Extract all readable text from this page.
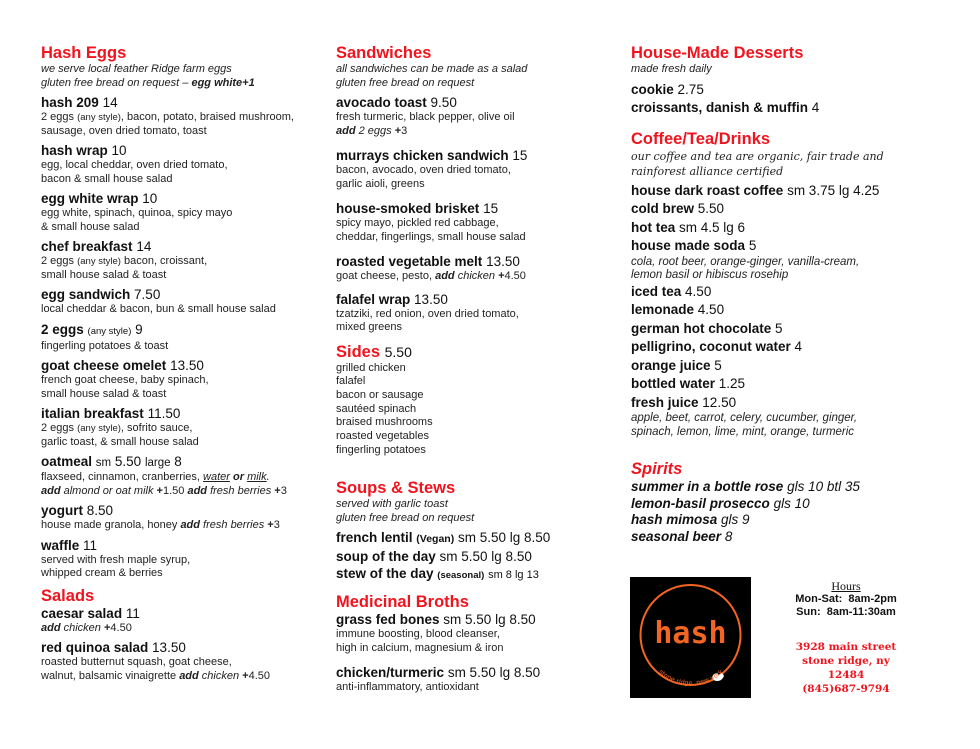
Hash Eggs
we serve local feather Ridge farm eggs
gluten free bread on request – egg white+1
hash 209 14
2 eggs (any style), bacon, potato, braised mushroom,
sausage, oven dried tomato, toast
hash wrap 10
egg, local cheddar, oven dried tomato,
bacon & small house salad
egg white wrap 10
egg white, spinach, quinoa, spicy mayo
& small house salad
chef breakfast 14
2 eggs (any style) bacon, croissant,
small house salad & toast
egg sandwich 7.50
local cheddar & bacon, bun & small house salad
2 eggs (any style) 9
fingerling potatoes & toast
goat cheese omelet 13.50
french goat cheese, baby spinach,
small house salad & toast
italian breakfast 11.50
2 eggs (any style), sofrito sauce,
garlic toast, & small house salad
oatmeal sm 5.50 large 8
flaxseed, cinnamon, cranberries, water or milk.
add almond or oat milk +1.50 add fresh berries +3
yogurt 8.50
house made granola, honey add fresh berries +3
waffle 11
served with fresh maple syrup,
whipped cream & berries
Salads
caesar salad 11
add chicken +4.50
red quinoa salad 13.50
roasted butternut squash, goat cheese,
walnut, balsamic vinaigrette add chicken +4.50
Sandwiches
all sandwiches can be made as a salad
gluten free bread on request
avocado toast 9.50
fresh turmeric, black pepper, olive oil
add 2 eggs +3
murrays chicken sandwich 15
bacon, avocado, oven dried tomato,
garlic aioli, greens
house-smoked brisket 15
spicy mayo, pickled red cabbage,
cheddar, fingerlings, small house salad
roasted vegetable melt 13.50
goat cheese, pesto, add chicken +4.50
falafel wrap 13.50
tzatziki, red onion, oven dried tomato,
mixed greens
Sides 5.50
grilled chicken
falafel
bacon or sausage
sautéed spinach
braised mushrooms
roasted vegetables
fingerling potatoes
Soups & Stews
served with garlic toast
gluten free bread on request
french lentil (Vegan) sm 5.50 lg 8.50
soup of the day sm 5.50 lg 8.50
stew of the day (seasonal) sm 8 lg 13
Medicinal Broths
grass fed bones sm 5.50 lg 8.50
immune boosting, blood cleanser,
high in calcium, magnesium & iron
chicken/turmeric sm 5.50 lg 8.50
anti-inflammatory, antioxidant
House-Made Desserts
made fresh daily
cookie 2.75
croissants, danish & muffin 4
Coffee/Tea/Drinks
our coffee and tea are organic, fair trade and
rainforest alliance certified
house dark roast coffee sm 3.75 lg 4.25
cold brew 5.50
hot tea sm 4.5 lg 6
house made soda 5
cola, root beer, orange-ginger, vanilla-cream,
lemon basil or hibiscus rosehip
iced tea 4.50
lemonade 4.50
german hot chocolate 5
pelligrino, coconut water 4
orange juice 5
bottled water 1.25
fresh juice 12.50
apple, beet, carrot, celery, cucumber, ginger,
spinach, lemon, lime, mint, orange, turmeric
Spirits
summer in a bottle rose gls 10 btl 35
lemon-basil prosecco gls 10
hash mimosa gls 9
seasonal beer 8
hash
stone ridge, new york
Hours
Mon-Sat:  8am-2pm
Sun:  8am-11:30am
3928 main street
stone ridge, ny
12484
(845)687-9794
